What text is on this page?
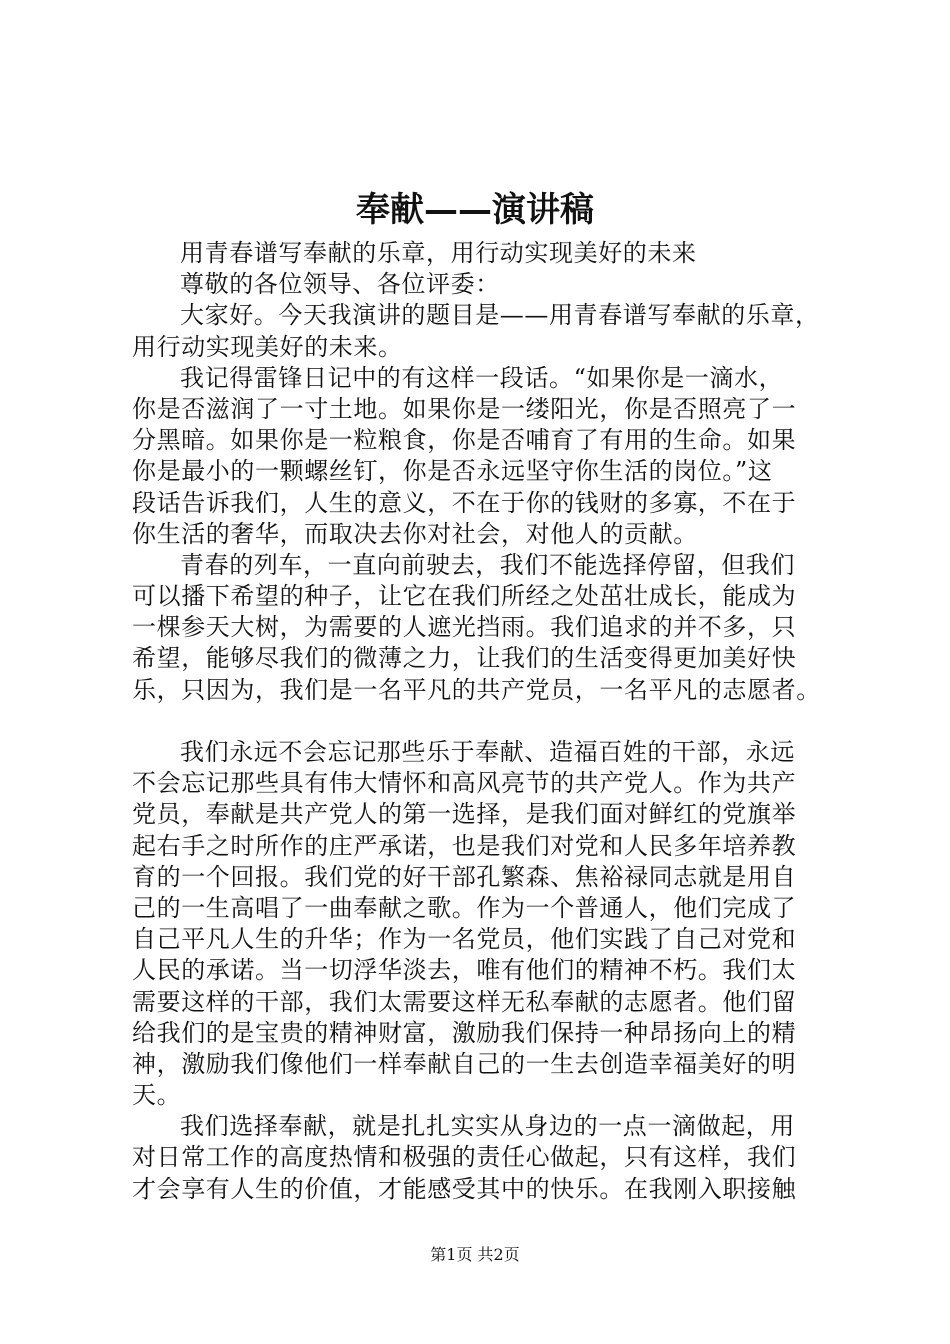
奉献——演讲稿
用青春谱写奉献的乐章，用行动实现美好的未来
尊敬的各位领导、各位评委：
大家好。今天我演讲的题目是——用青春谱写奉献的乐章，
用行动实现美好的未来。
我记得雷锋日记中的有这样一段话。“如果你是一滴水，
你是否滋润了一寸土地。如果你是一缕阳光，你是否照亮了一
分黑暗。如果你是一粒粮食，你是否哺育了有用的生命。如果
你是最小的一颗螺丝钉，你是否永远坚守你生活的岗位。”这
段话告诉我们，人生的意义，不在于你的钱财的多寡，不在于
你生活的奢华，而取决去你对社会，对他人的贡献。
青春的列车，一直向前驶去，我们不能选择停留，但我们
可以播下希望的种子，让它在我们所经之处茁壮成长，能成为
一棵参天大树，为需要的人遮光挡雨。我们追求的并不多，只
希望，能够尽我们的微薄之力，让我们的生活变得更加美好快
乐，只因为，我们是一名平凡的共产党员，一名平凡的志愿者。
我们永远不会忘记那些乐于奉献、造福百姓的干部，永远
不会忘记那些具有伟大情怀和高风亮节的共产党人。作为共产
党员，奉献是共产党人的第一选择，是我们面对鲜红的党旗举
起右手之时所作的庄严承诺，也是我们对党和人民多年培养教
育的一个回报。我们党的好干部孔繁森、焦裕禄同志就是用自
己的一生高唱了一曲奉献之歌。作为一个普通人，他们完成了
自己平凡人生的升华；作为一名党员，他们实践了自己对党和
人民的承诺。当一切浮华淡去，唯有他们的精神不朽。我们太
需要这样的干部，我们太需要这样无私奉献的志愿者。他们留
给我们的是宝贵的精神财富，激励我们保持一种昂扬向上的精
神，激励我们像他们一样奉献自己的一生去创造幸福美好的明
天。
我们选择奉献，就是扎扎实实从身边的一点一滴做起，用
对日常工作的高度热情和极强的责任心做起，只有这样，我们
才会享有人生的价值，才能感受其中的快乐。在我刚入职接触
第1页 共2页
